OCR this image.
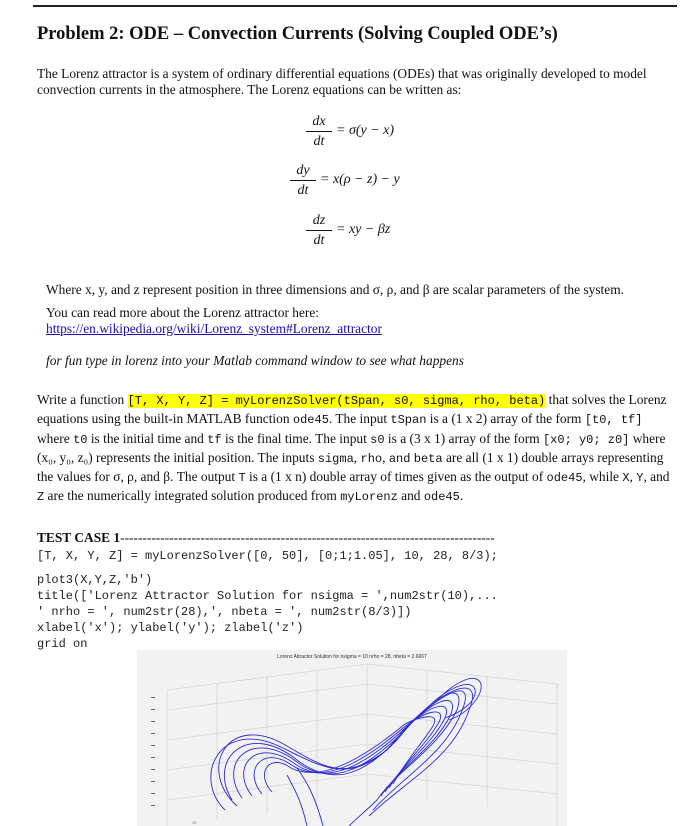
Problem 2: ODE – Convection Currents (Solving Coupled ODE’s)
The Lorenz attractor is a system of ordinary differential equations (ODEs) that was originally developed to model convection currents in the atmosphere. The Lorenz equations can be written as:
dx
dt
= σ(y − x)
dy
dt
= x(ρ − z) − y
dz
dt
= xy − βz
Where x, y, and z represent position in three dimensions and σ, ρ, and β are scalar parameters of the system.
You can read more about the Lorenz attractor here:
https://en.wikipedia.org/wiki/Lorenz_system#Lorenz_attractor
for fun type in lorenz into your Matlab command window to see what happens
Write a function [T, X, Y, Z] = myLorenzSolver(tSpan, s0, sigma, rho, beta) that solves the Lorenz equations using the built-in MATLAB function ode45. The input tSpan is a (1 x 2) array of the form [t0, tf] where t0 is the initial time and tf is the final time. The input s0 is a (3 x 1) array of the form [x0; y0; z0] where (x₀, y₀, z₀) represents the initial position. The inputs sigma, rho, and beta are all (1 x 1) double arrays representing the values for σ, ρ, and β. The output T is a (1 x n) double array of times given as the output of ode45, while X, Y, and Z are the numerically integrated solution produced from myLorenz and ode45.
TEST CASE 1------------------------------------------------------------------------------------
[T, X, Y, Z] = myLorenzSolver([0, 50], [0;1;1.05], 10, 28, 8/3);
plot3(X,Y,Z,'b')
title(['Lorenz Attractor Solution for nsigma = ',num2str(10),...
' nrho = ', num2str(28),', nbeta = ', num2str(8/3)])
xlabel('x'); ylabel('y'); zlabel('z')
grid on
Lorenz Attractor Solution for nsigma = 10 nrho = 28, nbeta = 2.6667
20
